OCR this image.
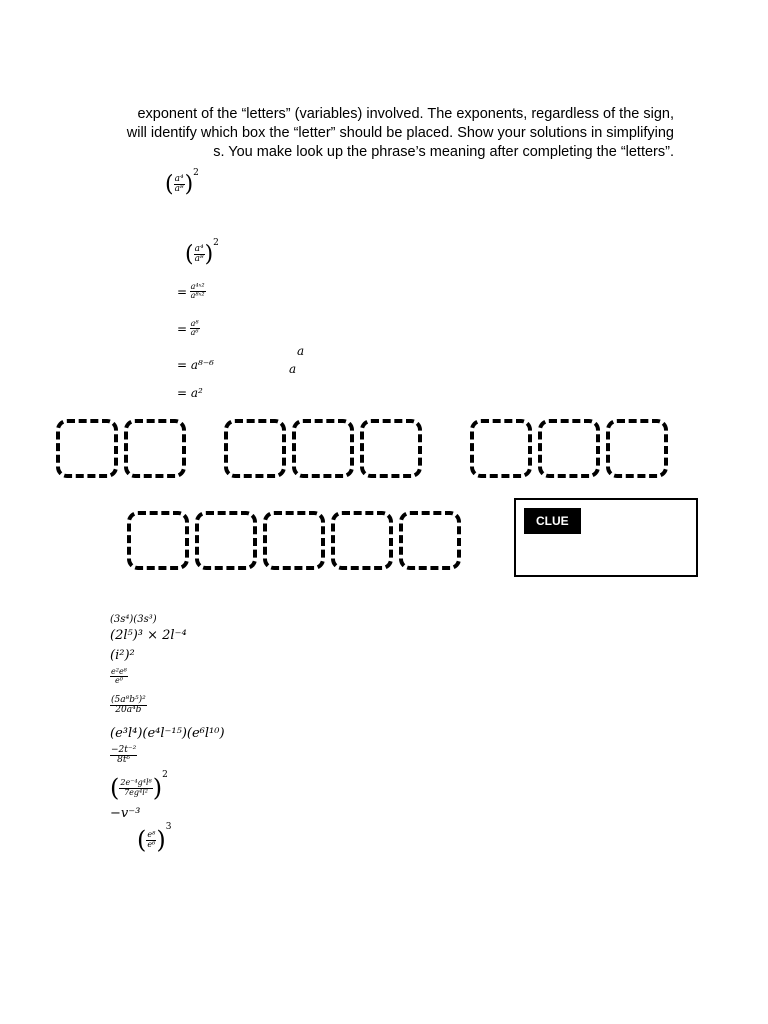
exponent of the “letters” (variables) involved. The exponents, regardless of the sign,
will identify which box the “letter” should be placed. Show your solutions in simplifying
s. You make look up the phrase’s meaning after completing the “letters”.
( $\frac{\text{a⁴}}{\text{a⁸}} )^2$
( $\frac{\text{a⁴}}{\text{a⁸}} )^2$
= $\frac{\text{a⁴ˣ²}}{\text{a⁸ˣ²}}$
= $\frac{\text{a⁸}}{\text{a⁶}}$
= a⁸⁻⁶
= a²
a
a
CLUE
(3s⁴)(3s³)
(2l⁵)³ × 2l⁻⁴
(i²)²
$\frac{\text{e²e⁸}}{\text{e⁰}}$
$\frac{\text{(5a⁸b⁵)²}}{\text{20a⁴b}}$
(e³l⁴)(e⁴l⁻¹⁵)(e⁶l¹⁰)
$\frac{\text{−2t⁻²}}{\text{8t⁶}}$
( $\frac{\text{2e⁻⁴g⁴l⁸}}{\text{7eg⁴l²}} )^2$
−v⁻³
( $\frac{\text{e⁸}}{\text{e⁶}} )^3$
